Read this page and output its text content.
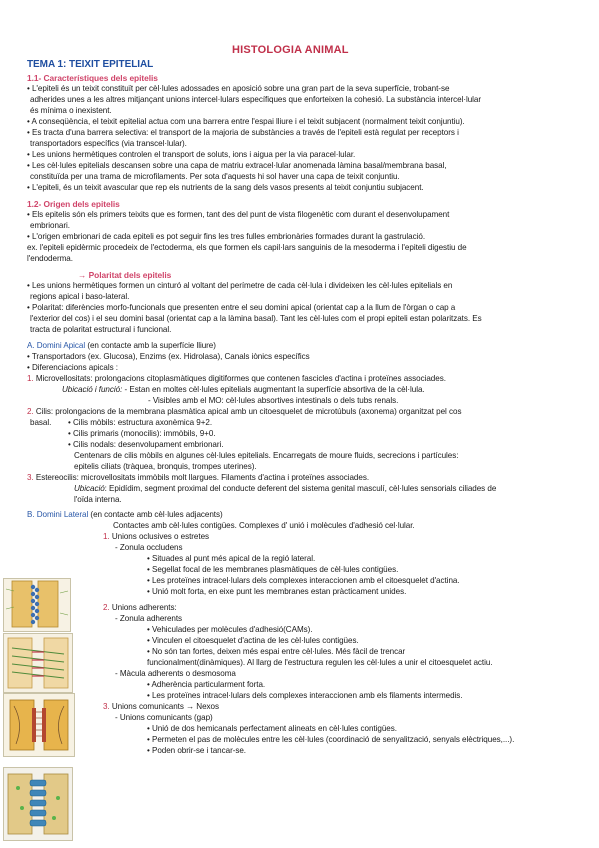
HISTOLOGIA ANIMAL
TEMA 1: TEIXIT EPITELIAL
1.1- Característiques dels epitelis
• L'epiteli és un teixit constituït per cèl·lules adossades en aposició sobre una gran part de la seva superfície, trobant-se
adherides unes a les altres mitjançant unions intercel·lulars específiques que enforteixen la cohesió. La substància intercel·lular
és mínima o inexistent.
• A conseqüència, el teixit epitelial actua com una barrera entre l'espai lliure i el teixit subjacent (normalment teixit conjuntiu).
• Es tracta d'una barrera selectiva: el transport de la majoria de substàncies a través de l'epiteli està regulat per receptors i
transportadors específics (via transcel·lular).
• Les unions hermètiques controlen el transport de soluts, ions i aigua per la via paracel·lular.
• Les cèl·lules epitelials descansen sobre una capa de matriu extracel·lular anomenada làmina basal/membrana basal,
constituïda per una trama de microfilaments. Per sota d'aquests hi sol haver una capa de teixit conjuntiu.
• L'epiteli, és un teixit avascular que rep els nutrients de la sang dels vasos presents al teixit conjuntiu subjacent.
1.2- Origen dels epitelis
• Els epitelis són els primers teixits que es formen, tant des del punt de vista filogenètic com durant el desenvolupament
embrionari.
• L'origen embrionari de cada epiteli es pot seguir fins les tres fulles embrionàries formades durant la gastrulació.
ex. l'epiteli epidèrmic procedeix de l'ectoderma, els que formen els capil·lars sanguinis de la mesoderma i l'epiteli digestiu de
l'endoderma.
→ Polaritat dels epitelis
• Les unions hermètiques formen un cinturó al voltant del perímetre de cada cèl·lula i divideixen les cèl·lules epitelials en
regions apical i baso-lateral.
• Polaritat: diferències morfo-funcionals que presenten entre el seu domini apical (orientat cap a la llum de l'òrgan o cap a
l'exterior del cos) i el seu domini basal (orientat cap a la làmina basal). Tant les cèl·lules com el propi epiteli estan polaritzats. Es
tracta de polaritat estructural i funcional.
A. Domini Apical (en contacte amb la superfície lliure)
• Transportadors (ex. Glucosa), Enzims (ex. Hidrolasa), Canals iònics específics
• Diferenciacions apicals :
1. Microvellositats: prolongacions citoplasmàtiques digitiformes que contenen fascicles d'actina i proteïnes associades.
Ubicació i funció: - Estan en moltes cèl·lules epitelials augmentant la superfície absortiva de la cèl·lula.
- Visibles amb el MO: cèl·lules absortives intestinals o dels tubs renals.
2. Cilis: prolongacions de la membrana plasmàtica apical amb un citoesquelet de microtúbuls (axonema) organitzat pel cos
basal. • Cilis mòbils: estructura axonèmica 9+2.
• Cilis primaris (monocilis): immòbils, 9+0.
• Cilis nodals: desenvolupament embrionari.
Centenars de cilis mòbils en algunes cèl·lules epitelials. Encarregats de moure fluids, secrecions i partícules:
epitelis ciliats (tràquea, bronquis, trompes uterines).
3. Estereocilis: microvellositats immòbils molt llargues. Filaments d'actina i proteïnes associades.
Ubicació: Epidídim, segment proximal del conducte deferent del sistema genital masculí, cèl·lules sensorials ciliades de
l'oïda interna.
B. Domini Lateral (en contacte amb cèl·lules adjacents)
Contactes amb cèl·lules contigües. Complexes d' unió i molècules d'adhesió cel·lular.
1. Unions oclusives o estretes
- Zonula occludens
• Situades al punt més apical de la regió lateral.
• Segellat focal de les membranes plasmàtiques de cèl·lules contigües.
• Les proteïnes intracel·lulars dels complexes interaccionen amb el citoesquelet d'actina.
• Unió molt forta, en eixe punt les membranes estan pràcticament unides.
2. Unions adherents:
- Zonula adherents
• Vehiculades per molècules d'adhesió(CAMs).
• Vinculen el citoesquelet d'actina de les cèl·lules contigües.
• No són tan fortes, deixen més espai entre cèl·lules. Més fàcil de trencar
funcionalment(dinàmiques). Al llarg de l'estructura regulen les cèl·lules a unir el citoesquelet actiu.
- Màcula adherents o desmosoma
• Adherència particularment forta.
• Les proteïnes intracel·lulars dels complexes interaccionen amb els filaments intermedis.
3. Unions comunicants → Nexos
- Unions comunicants (gap)
• Unió de dos hemicanals perfectament alineats en cèl·lules contigües.
• Permeten el pas de molècules entre les cèl·lules (coordinació de senyalització, senyals elèctriques,...).
• Poden obrir-se i tancar-se.
